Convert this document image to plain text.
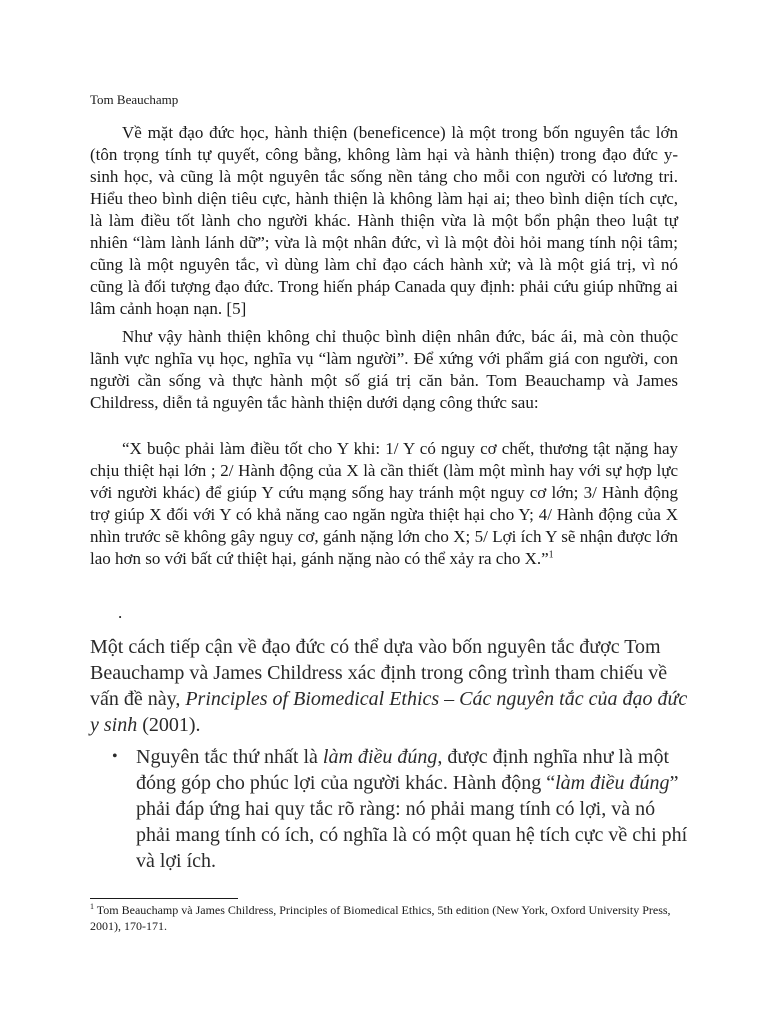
Tom Beauchamp

Về mặt đạo đức học, hành thiện (beneficence) là một trong bốn nguyên tắc lớn (tôn trọng tính tự quyết, công bằng, không làm hại và hành thiện) trong đạo đức y-sinh học, và cũng là một nguyên tắc sống nền tảng cho mỗi con người có lương tri. Hiểu theo bình diện tiêu cực, hành thiện là không làm hại ai; theo bình diện tích cực, là làm điều tốt lành cho người khác. Hành thiện vừa là một bổn phận theo luật tự nhiên “làm lành lánh dữ”; vừa là một nhân đức, vì là một đòi hỏi mang tính nội tâm; cũng là một nguyên tắc, vì dùng làm chỉ đạo cách hành xử; và là một giá trị, vì nó cũng là đối tượng đạo đức. Trong hiến pháp Canada quy định: phải cứu giúp những ai lâm cảnh hoạn nạn. [5]

Như vậy hành thiện không chỉ thuộc bình diện nhân đức, bác ái, mà còn thuộc lãnh vực nghĩa vụ học, nghĩa vụ “làm người”. Để xứng với phẩm giá con người, con người cần sống và thực hành một số giá trị căn bản. Tom Beauchamp và James Childress, diễn tả nguyên tắc hành thiện dưới dạng công thức sau:

“X buộc phải làm điều tốt cho Y khi: 1/ Y có nguy cơ chết, thương tật nặng hay chịu thiệt hại lớn ; 2/ Hành động của X là cần thiết (làm một mình hay với sự hợp lực với người khác) để giúp Y cứu mạng sống hay tránh một nguy cơ lớn; 3/ Hành động trợ giúp X đối với Y có khả năng cao ngăn ngừa thiệt hại cho Y; 4/ Hành động của X nhìn trước sẽ không gây nguy cơ, gánh nặng lớn cho X; 5/ Lợi ích Y sẽ nhận được lớn lao hơn so với bất cứ thiệt hại, gánh nặng nào có thể xảy ra cho X.”$^1$

.

Một cách tiếp cận về đạo đức có thể dựa vào bốn nguyên tắc được Tom Beauchamp và James Childress xác định trong công trình tham chiếu về vấn đề này, Principles of Biomedical Ethics – Các nguyên tắc của đạo đức y sinh (2001).

• Nguyên tắc thứ nhất là làm điều đúng, được định nghĩa như là một đóng góp cho phúc lợi của người khác. Hành động “làm điều đúng” phải đáp ứng hai quy tắc rõ ràng: nó phải mang tính có lợi, và nó phải mang tính có ích, có nghĩa là có một quan hệ tích cực về chi phí và lợi ích.
$^1$ Tom Beauchamp và James Childress, Principles of Biomedical Ethics, 5th edition (New York, Oxford University Press, 2001), 170-171.
